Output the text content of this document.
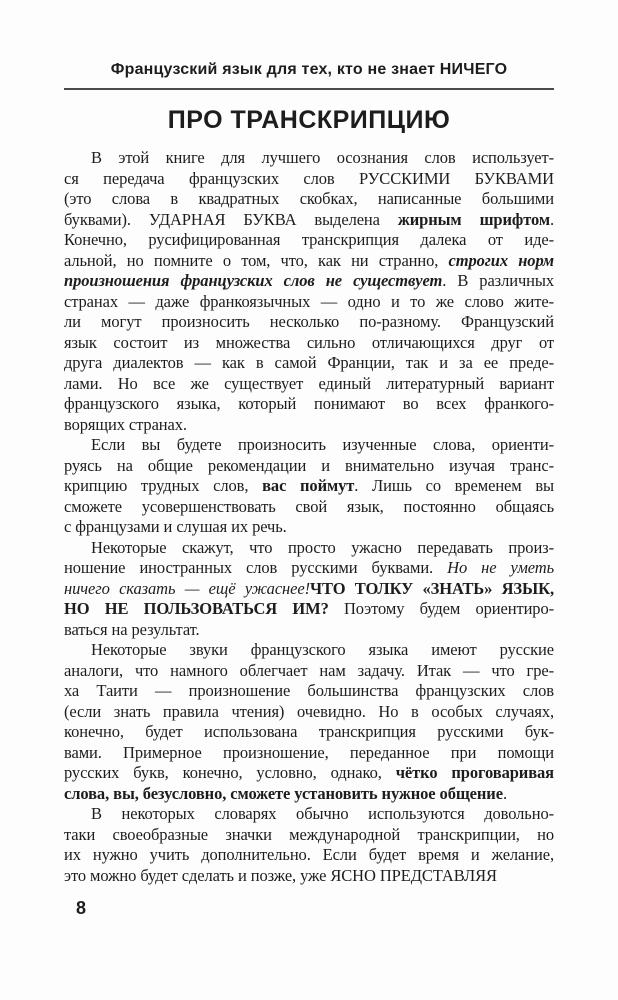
Французский язык для тех, кто не знает НИЧЕГО
ПРО ТРАНСКРИПЦИЮ
В этой книге для лучшего осознания слов использует-
ся передача французских слов РУССКИМИ БУКВАМИ
(это слова в квадратных скобках, написанные большими
буквами). УДАРНАЯ БУКВА выделена жирным шрифтом.
Конечно, русифицированная транскрипция далека от иде-
альной, но помните о том, что, как ни странно, строгих норм
произношения французских слов не существует. В различных
странах — даже франкоязычных — одно и то же слово жите-
ли могут произносить несколько по-разному. Французский
язык состоит из множества сильно отличающихся друг от
друга диалектов — как в самой Франции, так и за ее преде-
лами. Но все же существует единый литературный вариант
французского языка, который понимают во всех франкого-
ворящих странах.
Если вы будете произносить изученные слова, ориенти-
руясь на общие рекомендации и внимательно изучая транс-
крипцию трудных слов, вас поймут. Лишь со временем вы
сможете усовершенствовать свой язык, постоянно общаясь
с французами и слушая их речь.
Некоторые скажут, что просто ужасно передавать произ-
ношение иностранных слов русскими буквами. Но не уметь
ничего сказать — ещё ужаснее!ЧТО ТОЛКУ «ЗНАТЬ» ЯЗЫК,
НО НЕ ПОЛЬЗОВАТЬСЯ ИМ? Поэтому будем ориентиро-
ваться на результат.
Некоторые звуки французского языка имеют русские
аналоги, что намного облегчает нам задачу. Итак — что гре-
ха Таити — произношение большинства французских слов
(если знать правила чтения) очевидно. Но в особых случаях,
конечно, будет использована транскрипция русскими бук-
вами. Примерное произношение, переданное при помощи
русских букв, конечно, условно, однако, чётко проговаривая
слова, вы, безусловно, сможете установить нужное общение.
В некоторых словарях обычно используются довольно-
таки своеобразные значки международной транскрипции, но
их нужно учить дополнительно. Если будет время и желание,
это можно будет сделать и позже, уже ЯСНО ПРЕДСТАВЛЯЯ
8
